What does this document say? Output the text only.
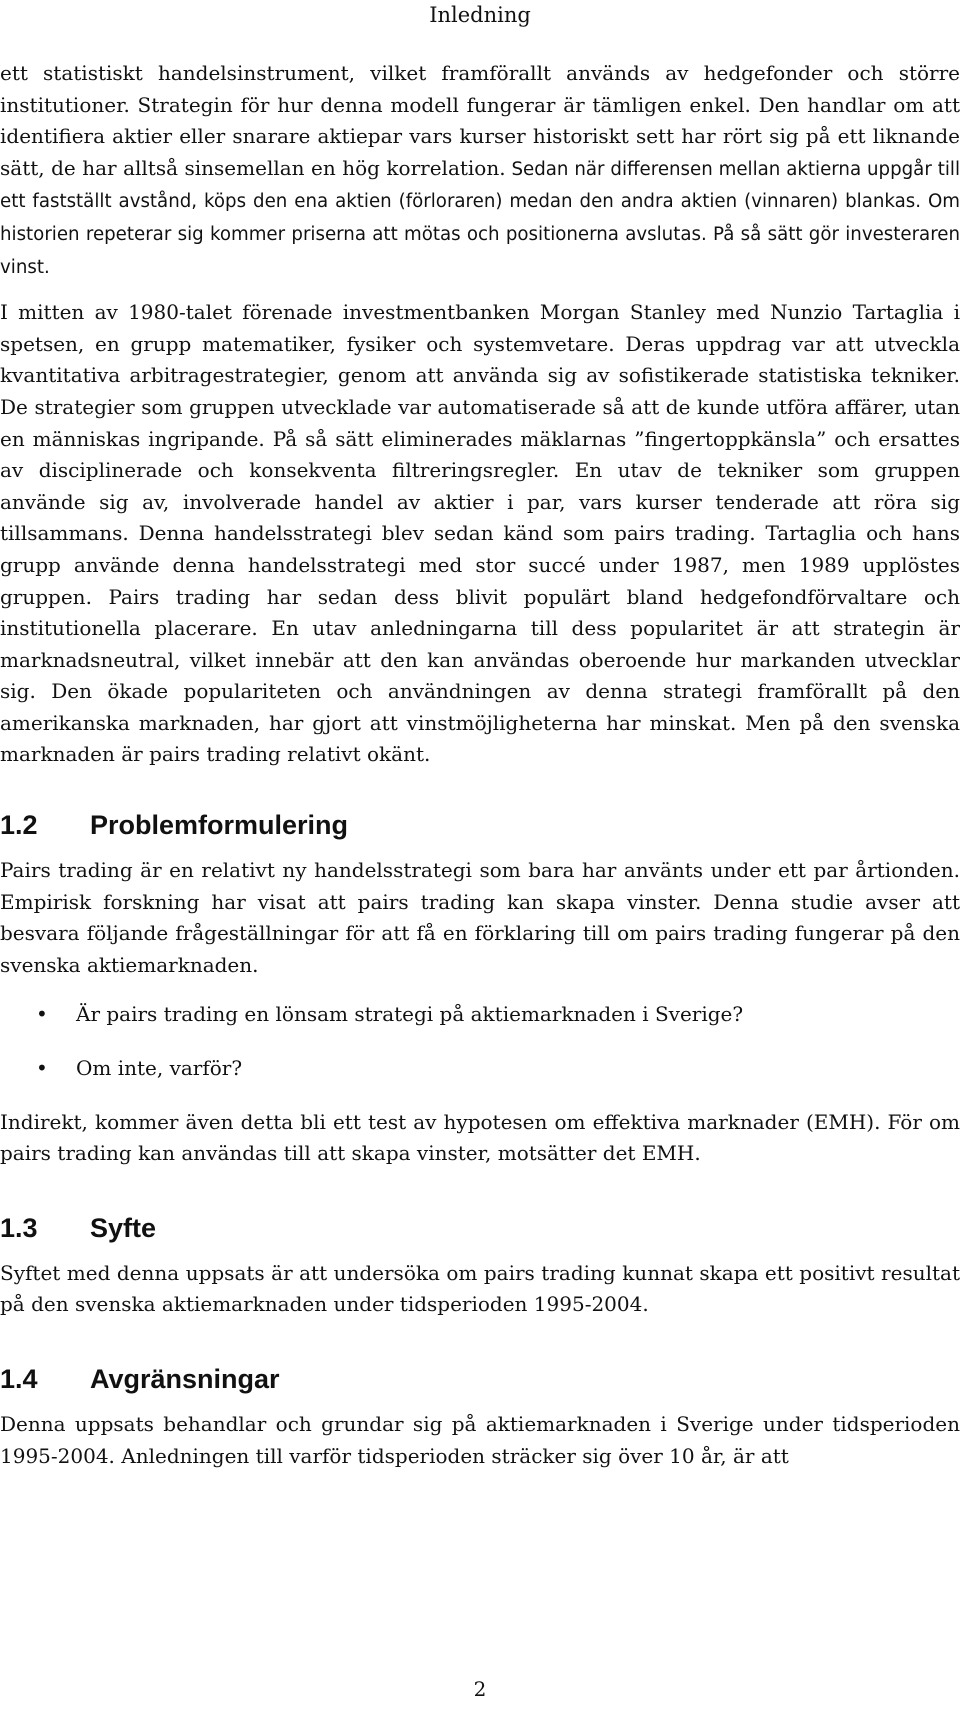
Inledning

ett statistiskt handelsinstrument, vilket framförallt används av hedgefonder och större institutioner. Strategin för hur denna modell fungerar är tämligen enkel. Den handlar om att identifiera aktier eller snarare aktiepar vars kurser historiskt sett har rört sig på ett liknande sätt, de har alltså sinsemellan en hög korrelation. Sedan när differensen mellan aktierna uppgår till ett fastställt avstånd, köps den ena aktien (förloraren) medan den andra aktien (vinnaren) blankas. Om historien repeterar sig kommer priserna att mötas och positionerna avslutas. På så sätt gör investeraren vinst.

I mitten av 1980-talet förenade investmentbanken Morgan Stanley med Nunzio Tartaglia i spetsen, en grupp matematiker, fysiker och systemvetare. Deras uppdrag var att utveckla kvantitativa arbitragestrategier, genom att använda sig av sofistikerade statistiska tekniker. De strategier som gruppen utvecklade var automatiserade så att de kunde utföra affärer, utan en människas ingripande. På så sätt eliminerades mäklarnas ”fingertoppkänsla” och ersattes av disciplinerade och konsekventa filtreringsregler. En utav de tekniker som gruppen använde sig av, involverade handel av aktier i par, vars kurser tenderade att röra sig tillsammans. Denna handelsstrategi blev sedan känd som pairs trading. Tartaglia och hans grupp använde denna handelsstrategi med stor succé under 1987, men 1989 upplöstes gruppen. Pairs trading har sedan dess blivit populärt bland hedgefondförvaltare och institutionella placerare. En utav anledningarna till dess popularitet är att strategin är marknadsneutral, vilket innebär att den kan användas oberoende hur markanden utvecklar sig. Den ökade populariteten och användningen av denna strategi framförallt på den amerikanska marknaden, har gjort att vinstmöjligheterna har minskat. Men på den svenska marknaden är pairs trading relativt okänt.

1.2	Problemformulering

Pairs trading är en relativt ny handelsstrategi som bara har använts under ett par årtionden. Empirisk forskning har visat att pairs trading kan skapa vinster. Denna studie avser att besvara följande frågeställningar för att få en förklaring till om pairs trading fungerar på den svenska aktiemarknaden.

• Är pairs trading en lönsam strategi på aktiemarknaden i Sverige?
• Om inte, varför?

Indirekt, kommer även detta bli ett test av hypotesen om effektiva marknader (EMH). För om pairs trading kan användas till att skapa vinster, motsätter det EMH.

1.3	Syfte

Syftet med denna uppsats är att undersöka om pairs trading kunnat skapa ett positivt resultat på den svenska aktiemarknaden under tidsperioden 1995-2004.

1.4	Avgränsningar

Denna uppsats behandlar och grundar sig på aktiemarknaden i Sverige under tidsperioden 1995-2004. Anledningen till varför tidsperioden sträcker sig över 10 år, är att

2
